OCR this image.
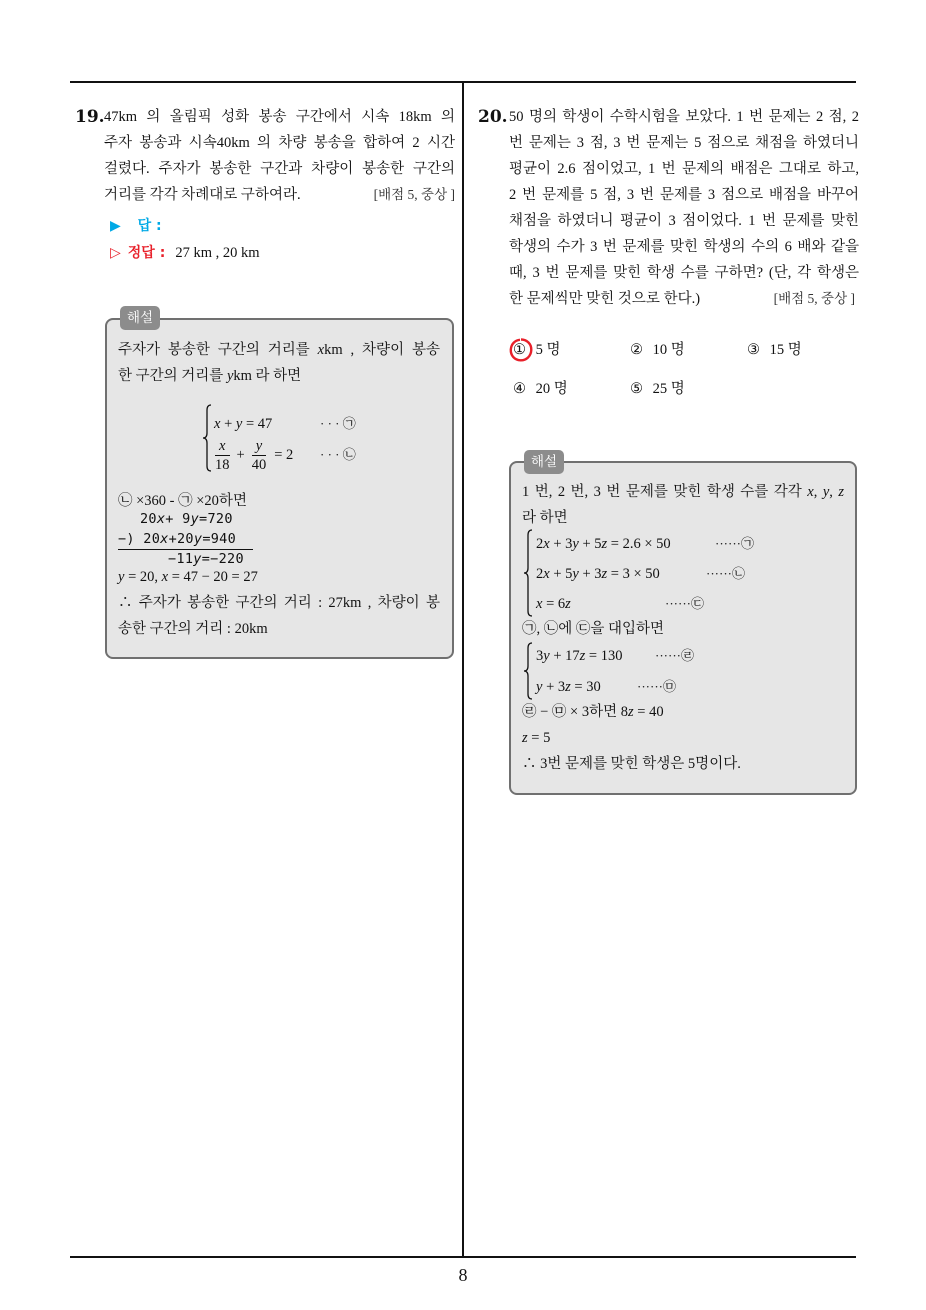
8
19. 47km 의 올림픽 성화 봉송 구간에서 시속 18km 의
주자 봉송과 시속40km 의 차량 봉송을 합하여 2 시간
걸렸다. 주자가 봉송한 구간과 차량이 봉송한 구간의
거리를 각각 차례대로 구하여라.	[배점 5, 중상 ]
▶ 답 :
▷ 정답 : 27 km , 20 km
해설
주자가 봉송한 구간의 거리를 xkm , 차량이 봉송
한 구간의 거리를 ykm 라 하면
x + y = 47	· · · ㉠
$\frac{x}{18} + \frac{y}{40} = 2$ · · · ㉡
㉡ ×360 - ㉠ ×20하면
20x+ 9y=720
−) 20x+20y=940
−11y=−220
y = 20, x = 47 − 20 = 27
∴ 주자가 봉송한 구간의 거리 : 27km , 차량이 봉
송한 구간의 거리 : 20km
20. 50 명의 학생이 수학시험을 보았다. 1 번 문제는 2 점, 2
번 문제는 3 점, 3 번 문제는 5 점으로 채점을 하였더니
평균이 2.6 점이었고, 1 번 문제의 배점은 그대로 하고,
2 번 문제를 5 점, 3 번 문제를 3 점으로 배점을 바꾸어
채점을 하였더니 평균이 3 점이었다. 1 번 문제를 맞힌
학생의 수가 3 번 문제를 맞힌 학생의 수의 6 배와 같을
때, 3 번 문제를 맞힌 학생 수를 구하면? (단, 각 학생은
한 문제씩만 맞힌 것으로 한다.)	[배점 5, 중상 ]
① 5 명	② 10 명	③ 15 명
④ 20 명	⑤ 25 명
해설
1 번, 2 번, 3 번 문제를 맞힌 학생 수를 각각 x, y, z
라 하면
2x + 3y + 5z = 2.6 × 50	······㉠
2x + 5y + 3z = 3 × 50	······㉡
x = 6z	······㉢
㉠, ㉡에 ㉢을 대입하면
3y + 17z = 130	······㉣
y + 3z = 30	······㉤
㉣ − ㉤ × 3하면 8z = 40
z = 5
∴ 3번 문제를 맞힌 학생은 5명이다.
